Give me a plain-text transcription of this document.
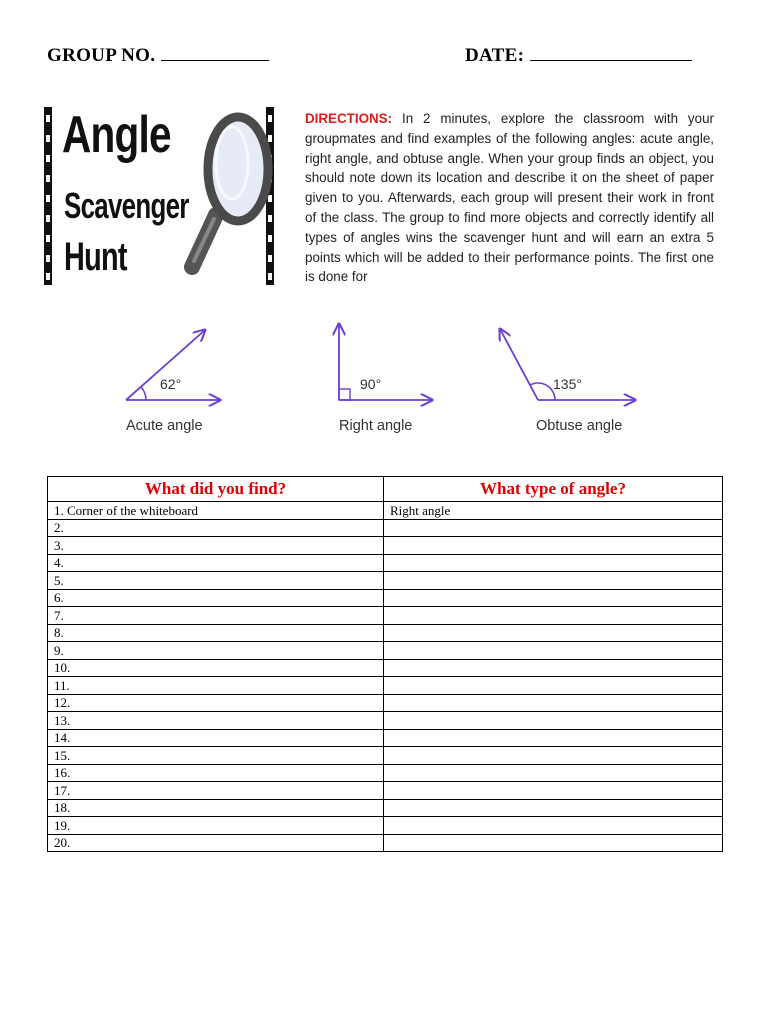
GROUP NO.	DATE:
Angle
Scavenger
Hunt
DIRECTIONS: In 2 minutes, explore the classroom with your groupmates and find examples of the following angles: acute angle, right angle, and obtuse angle. When your group finds an object, you should note down its location and describe it on the sheet of paper given to you. Afterwards, each group will present their work in front of the class. The group to find more objects and correctly identify all types of angles wins the scavenger hunt and will earn an extra 5 points which will be added to their performance points. The first one is done for
62°
Acute angle
90°
Right angle
135°
Obtuse angle
What did you find?	What type of angle?
1. Corner of the whiteboard	Right angle
2.	
3.	
4.	
5.	
6.	
7.	
8.	
9.	
10.	
11.	
12.	
13.	
14.	
15.	
16.	
17.	
18.	
19.	
20.	
